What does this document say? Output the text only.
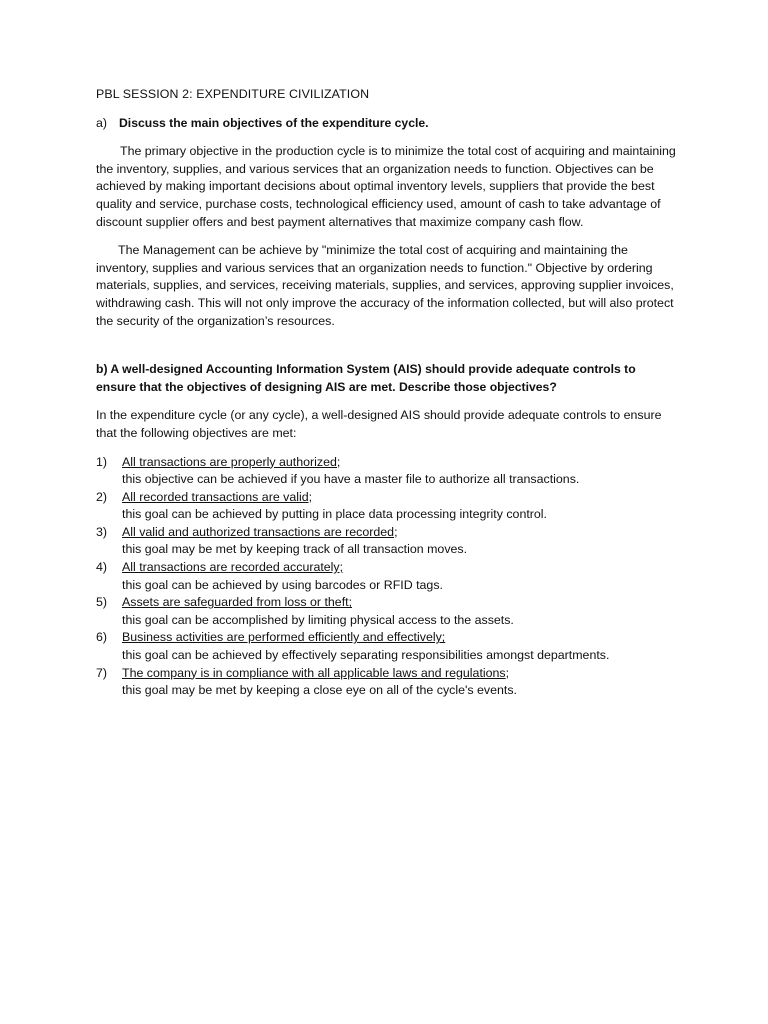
PBL SESSION 2: EXPENDITURE CIVILIZATION
a) Discuss the main objectives of the expenditure cycle.

The primary objective in the production cycle is to minimize the total cost of acquiring and maintaining the inventory, supplies, and various services that an organization needs to function. Objectives can be achieved by making important decisions about optimal inventory levels, suppliers that provide the best quality and service, purchase costs, technological efficiency used, amount of cash to take advantage of discount supplier offers and best payment alternatives that maximize company cash flow.

The Management can be achieve by "minimize the total cost of acquiring and maintaining the inventory, supplies and various services that an organization needs to function." Objective by ordering materials, supplies, and services, receiving materials, supplies, and services, approving supplier invoices, withdrawing cash. This will not only improve the accuracy of the information collected, but will also protect the security of the organization’s resources.

b) A well-designed Accounting Information System (AIS) should provide adequate controls to ensure that the objectives of designing AIS are met. Describe those objectives?

In the expenditure cycle (or any cycle), a well-designed AIS should provide adequate controls to ensure that the following objectives are met:

1)	All transactions are properly authorized;
this objective can be achieved if you have a master file to authorize all transactions.
2)	All recorded transactions are valid;
this goal can be achieved by putting in place data processing integrity control.
3)	All valid and authorized transactions are recorded;
this goal may be met by keeping track of all transaction moves.
4)	All transactions are recorded accurately;
this goal can be achieved by using barcodes or RFID tags.
5)	Assets are safeguarded from loss or theft;
this goal can be accomplished by limiting physical access to the assets.
6)	Business activities are performed efficiently and effectively;
this goal can be achieved by effectively separating responsibilities amongst departments.
7)	The company is in compliance with all applicable laws and regulations;
this goal may be met by keeping a close eye on all of the cycle's events.
